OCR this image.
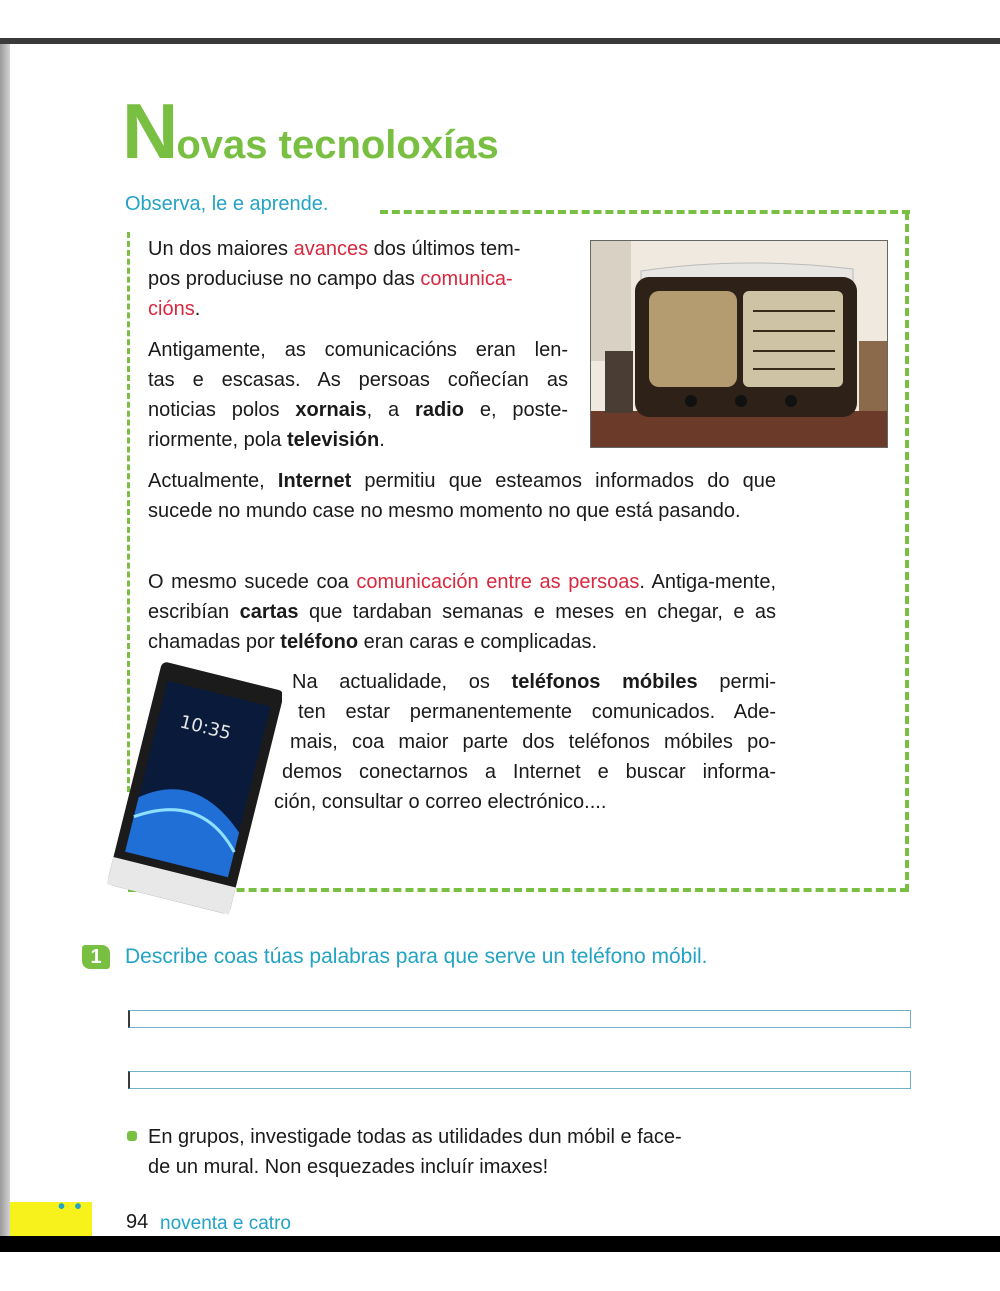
Novas tecnoloxías
Observa, le e aprende.
Un dos maiores avances dos últimos tem-
pos produciuse no campo das comunica-
cións.
Antigamente, as comunicacións eran len-
tas e escasas. As persoas coñecían as
noticias polos xornais, a radio e, poste-
riormente, pola televisión.
Actualmente, Internet permitiu que esteamos informados do que sucede no mundo case no mesmo momento no que está pasando.
O mesmo sucede coa comunicación entre as persoas. Antiga-mente, escribían cartas que tardaban semanas e meses en chegar, e as chamadas por teléfono eran caras e complicadas.
10:35
Na actualidade, os teléfonos móbiles permi-
ten estar permanentemente comunicados. Ade-
mais, coa maior parte dos teléfonos móbiles po-
demos conectarnos a Internet e buscar informa-
ción, consultar o correo electrónico....
1	Describe coas túas palabras para que serve un teléfono móbil.
En grupos, investigade todas as utilidades dun móbil e face-
de un mural. Non esquezades incluír imaxes!
• •
94 noventa e catro
